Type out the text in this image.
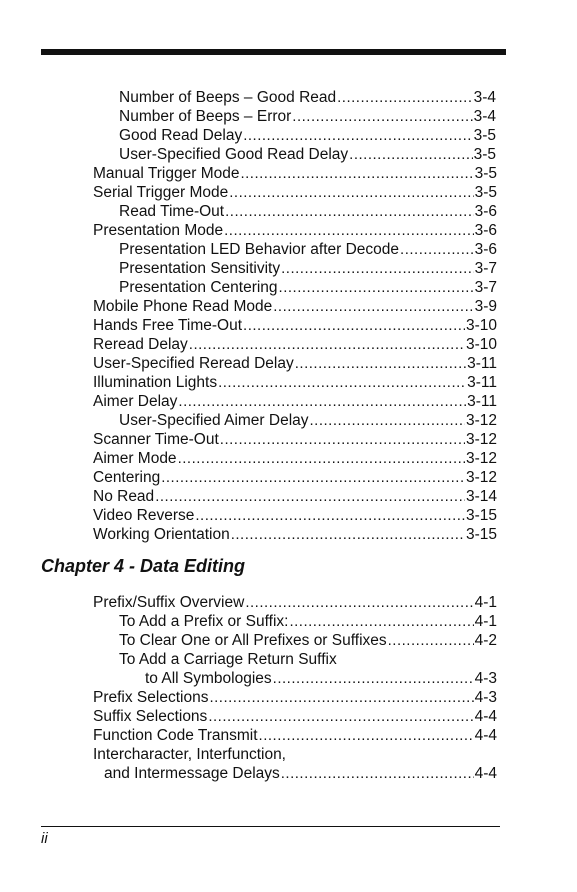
Number of Beeps – Good Read .....	3-4
Number of Beeps – Error .....	3-4
Good Read Delay .....	3-5
User-Specified Good Read Delay .....	3-5
Manual Trigger Mode .....	3-5
Serial Trigger Mode .....	3-5
Read Time-Out .....	3-6
Presentation Mode .....	3-6
Presentation LED Behavior after Decode .....	3-6
Presentation Sensitivity .....	3-7
Presentation Centering .....	3-7
Mobile Phone Read Mode .....	3-9
Hands Free Time-Out .....	3-10
Reread Delay .....	3-10
User-Specified Reread Delay .....	3-11
Illumination Lights .....	3-11
Aimer Delay .....	3-11
User-Specified Aimer Delay .....	3-12
Scanner Time-Out .....	3-12
Aimer Mode .....	3-12
Centering .....	3-12
No Read .....	3-14
Video Reverse .....	3-15
Working Orientation .....	3-15
Chapter 4 - Data Editing
Prefix/Suffix Overview .....	4-1
To Add a Prefix or Suffix: .....	4-1
To Clear One or All Prefixes or Suffixes .....	4-2
To Add a Carriage Return Suffix
to All Symbologies .....	4-3
Prefix Selections .....	4-3
Suffix Selections .....	4-4
Function Code Transmit .....	4-4
Intercharacter, Interfunction,
and Intermessage Delays .....	4-4
ii
